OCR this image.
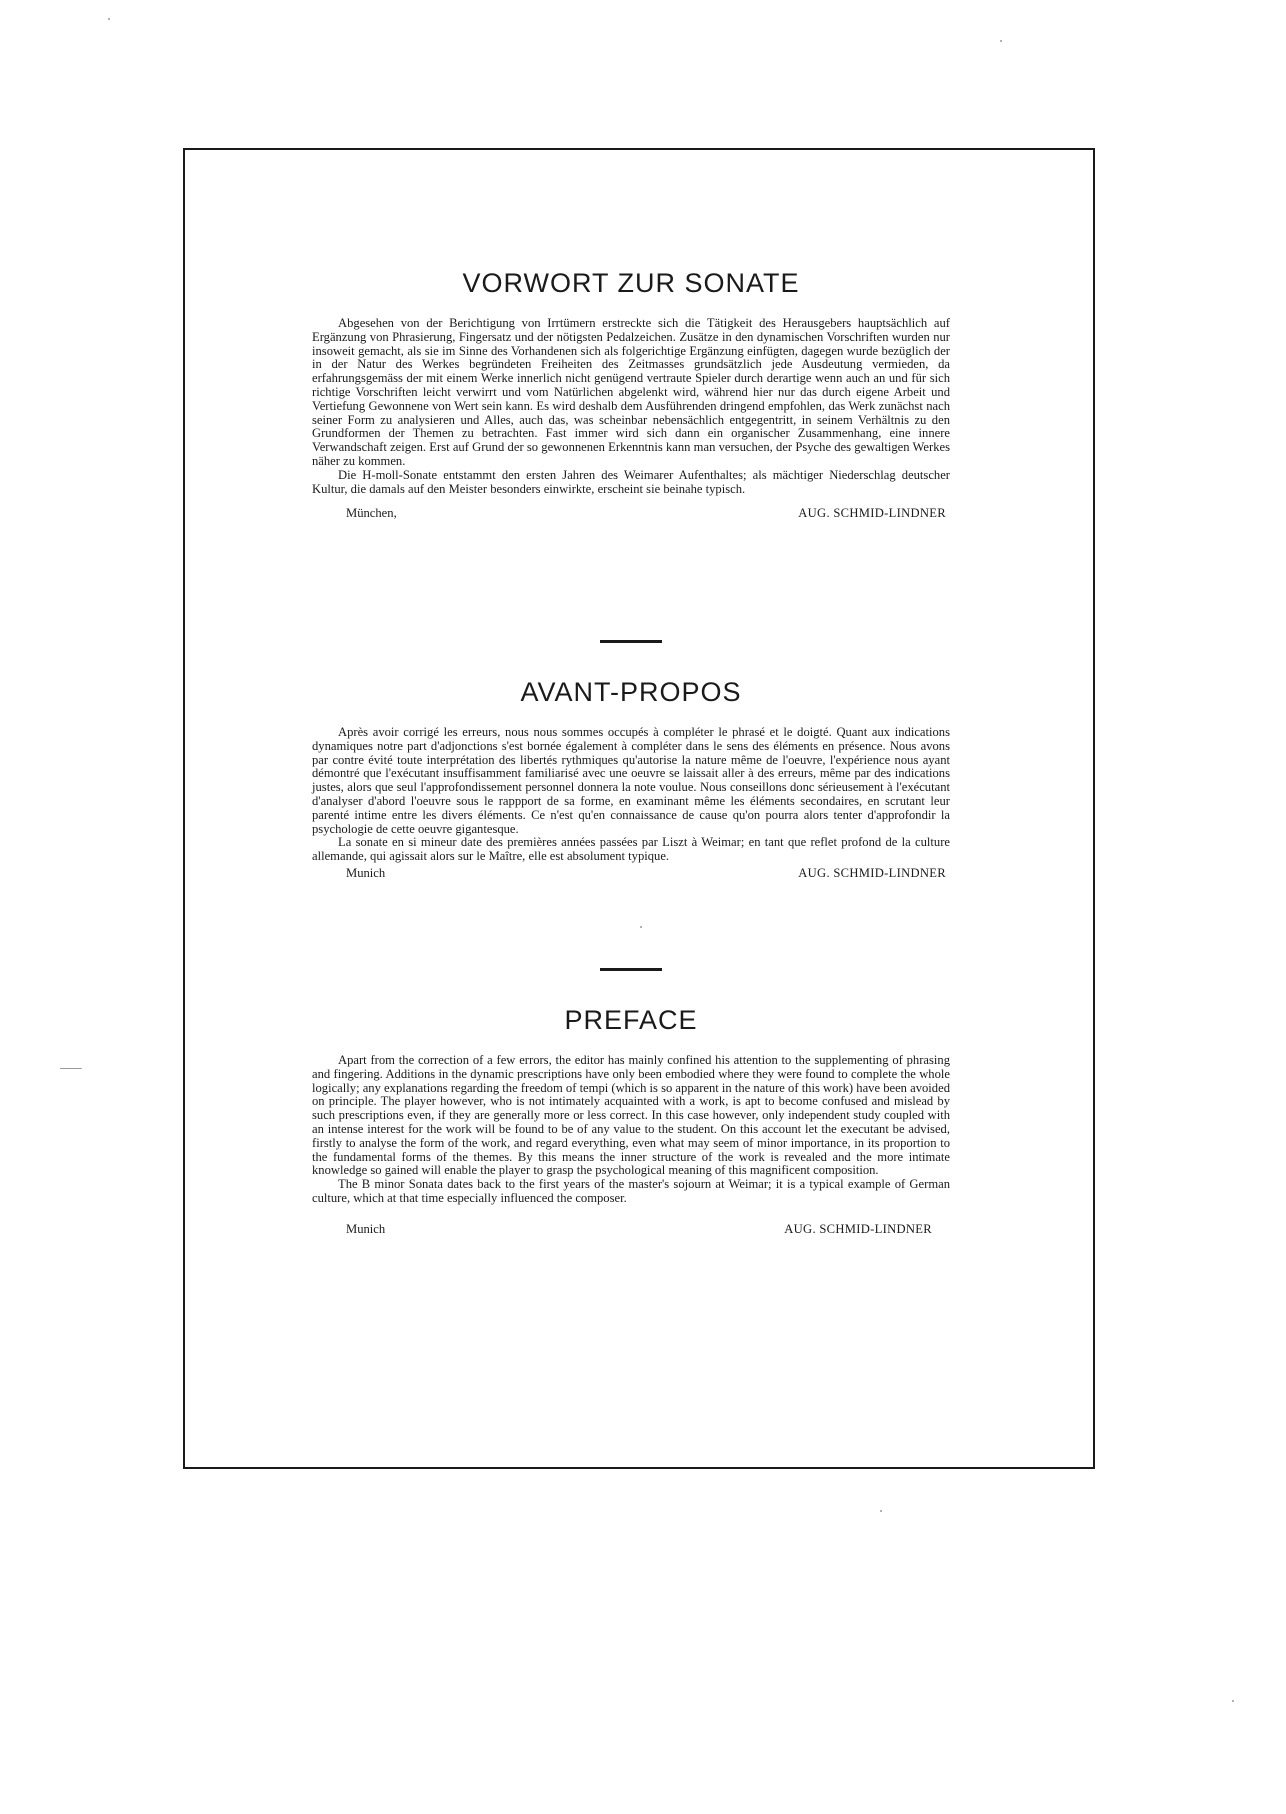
VORWORT ZUR SONATE

Abgesehen von der Berichtigung von Irrtümern erstreckte sich die Tätigkeit des Herausgebers hauptsächlich auf Ergänzung von Phrasierung, Fingersatz und der nötigsten Pedalzeichen. Zusätze in den dynamischen Vorschriften wurden nur insoweit gemacht, als sie im Sinne des Vorhandenen sich als folgerichtige Ergänzung einfügten, dagegen wurde bezüglich der in der Natur des Werkes begründeten Freiheiten des Zeitmasses grundsätzlich jede Ausdeutung vermieden, da erfahrungsgemäss der mit einem Werke innerlich nicht genügend vertraute Spieler durch derartige wenn auch an und für sich richtige Vorschriften leicht verwirrt und vom Natürlichen abgelenkt wird, während hier nur das durch eigene Arbeit und Vertiefung Gewonnene von Wert sein kann. Es wird deshalb dem Ausführenden dringend empfohlen, das Werk zunächst nach seiner Form zu analysieren und Alles, auch das, was scheinbar nebensächlich entgegentritt, in seinem Verhältnis zu den Grundformen der Themen zu betrachten. Fast immer wird sich dann ein organischer Zusammenhang, eine innere Verwandschaft zeigen. Erst auf Grund der so gewonnenen Erkenntnis kann man versuchen, der Psyche des gewaltigen Werkes näher zu kommen.

Die H-moll-Sonate entstammt den ersten Jahren des Weimarer Aufenthaltes; als mächtiger Niederschlag deutscher Kultur, die damals auf den Meister besonders einwirkte, erscheint sie beinahe typisch.

München,	AUG. SCHMID-LINDNER
AVANT-PROPOS

Après avoir corrigé les erreurs, nous nous sommes occupés à compléter le phrasé et le doigté. Quant aux indications dynamiques notre part d'adjonctions s'est bornée également à compléter dans le sens des éléments en présence. Nous avons par contre évité toute interprétation des libertés rythmiques qu'autorise la nature même de l'oeuvre, l'expérience nous ayant démontré que l'exécutant insuffisamment familiarisé avec une oeuvre se laissait aller à des erreurs, même par des indications justes, alors que seul l'approfondissement personnel donnera la note voulue. Nous conseillons donc sérieusement à l'exécutant d'analyser d'abord l'oeuvre sous le rappport de sa forme, en examinant même les éléments secondaires, en scrutant leur parenté intime entre les divers éléments. Ce n'est qu'en connaissance de cause qu'on pourra alors tenter d'approfondir la psychologie de cette oeuvre gigantesque.

La sonate en si mineur date des premières années passées par Liszt à Weimar; en tant que reflet profond de la culture allemande, qui agissait alors sur le Maître, elle est absolument typique.

Munich	AUG. SCHMID-LINDNER
PREFACE

Apart from the correction of a few errors, the editor has mainly confined his attention to the supplementing of phrasing and fingering. Additions in the dynamic prescriptions have only been embodied where they were found to complete the whole logically; any explanations regarding the freedom of tempi (which is so apparent in the nature of this work) have been avoided on principle. The player however, who is not intimately acquainted with a work, is apt to become confused and mislead by such prescriptions even, if they are generally more or less correct. In this case however, only independent study coupled with an intense interest for the work will be found to be of any value to the student. On this account let the executant be advised, firstly to analyse the form of the work, and regard everything, even what may seem of minor importance, in its proportion to the fundamental forms of the themes. By this means the inner structure of the work is revealed and the more intimate knowledge so gained will enable the player to grasp the psychological meaning of this magnificent composition.

The B minor Sonata dates back to the first years of the master's sojourn at Weimar; it is a typical example of German culture, which at that time especially influenced the composer.

Munich	AUG. SCHMID-LINDNER
